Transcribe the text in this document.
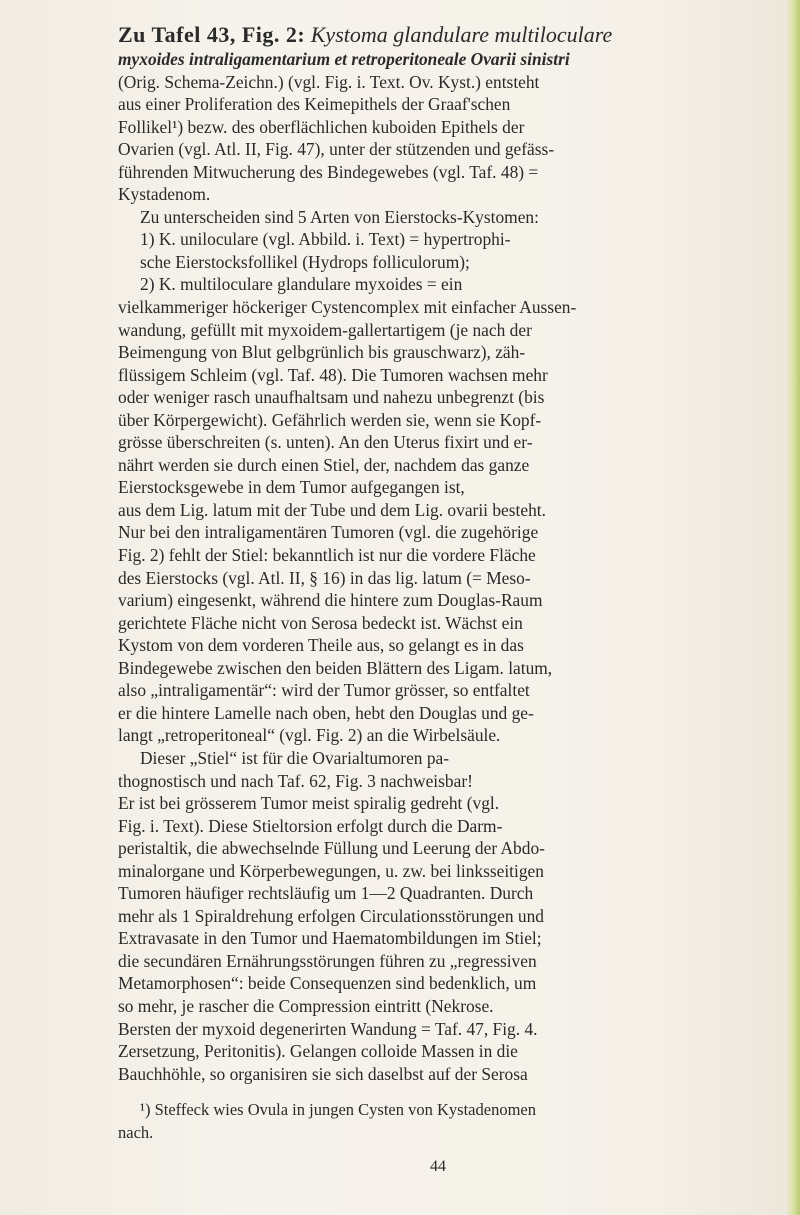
Zu Tafel 43, Fig. 2: Kystoma glandulare multiloculare
myxoides intraligamentarium et retroperitoneale Ovarii sinistri
(Orig. Schema-Zeichn.) (vgl. Fig. i. Text. Ov. Kyst.) entsteht
aus einer Proliferation des Keimepithels der Graaf'schen
Follikel¹) bezw. des oberflächlichen kuboiden Epithels der
Ovarien (vgl. Atl. II, Fig. 47), unter der stützenden und gefäss-
führenden Mitwucherung des Bindegewebes (vgl. Taf. 48) =
Kystadenom.
Zu unterscheiden sind 5 Arten von Eierstocks-Kystomen:
1) K. uniloculare (vgl. Abbild. i. Text) = hypertrophi-
sche Eierstocksfollikel (Hydrops folliculorum);
2) K. multiloculare glandulare myxoides = ein
vielkammeriger höckeriger Cystencomplex mit einfacher Aussen-
wandung, gefüllt mit myxoidem-gallertartigem (je nach der
Beimengung von Blut gelbgrünlich bis grauschwarz), zäh-
flüssigem Schleim (vgl. Taf. 48). Die Tumoren wachsen mehr
oder weniger rasch unaufhaltsam und nahezu unbegrenzt (bis
über Körpergewicht). Gefährlich werden sie, wenn sie Kopf-
grösse überschreiten (s. unten). An den Uterus fixirt und er-
nährt werden sie durch einen Stiel, der, nachdem das ganze
Eierstocksgewebe in dem Tumor aufgegangen ist,
aus dem Lig. latum mit der Tube und dem Lig. ovarii besteht.
Nur bei den intraligamentären Tumoren (vgl. die zugehörige
Fig. 2) fehlt der Stiel: bekanntlich ist nur die vordere Fläche
des Eierstocks (vgl. Atl. II, § 16) in das lig. latum (= Meso-
varium) eingesenkt, während die hintere zum Douglas-Raum
gerichtete Fläche nicht von Serosa bedeckt ist. Wächst ein
Kystom von dem vorderen Theile aus, so gelangt es in das
Bindegewebe zwischen den beiden Blättern des Ligam. latum,
also „intraligamentär“: wird der Tumor grösser, so entfaltet
er die hintere Lamelle nach oben, hebt den Douglas und ge-
langt „retroperitoneal“ (vgl. Fig. 2) an die Wirbelsäule.
Dieser „Stiel“ ist für die Ovarialtumoren pa-
thognostisch und nach Taf. 62, Fig. 3 nachweisbar!
Er ist bei grösserem Tumor meist spiralig gedreht (vgl.
Fig. i. Text). Diese Stieltorsion erfolgt durch die Darm-
peristaltik, die abwechselnde Füllung und Leerung der Abdo-
minalorgane und Körperbewegungen, u. zw. bei linksseitigen
Tumoren häufiger rechtsläufig um 1—2 Quadranten. Durch
mehr als 1 Spiraldrehung erfolgen Circulationsstörungen und
Extravasate in den Tumor und Haematombildungen im Stiel;
die secundären Ernährungsstörungen führen zu „regressiven
Metamorphosen“: beide Consequenzen sind bedenklich, um
so mehr, je rascher die Compression eintritt (Nekrose.
Bersten der myxoid degenerirten Wandung = Taf. 47, Fig. 4.
Zersetzung, Peritonitis). Gelangen colloide Massen in die
Bauchhöhle, so organisiren sie sich daselbst auf der Serosa
¹) Steffeck wies Ovula in jungen Cysten von Kystadenomen
nach.
44
